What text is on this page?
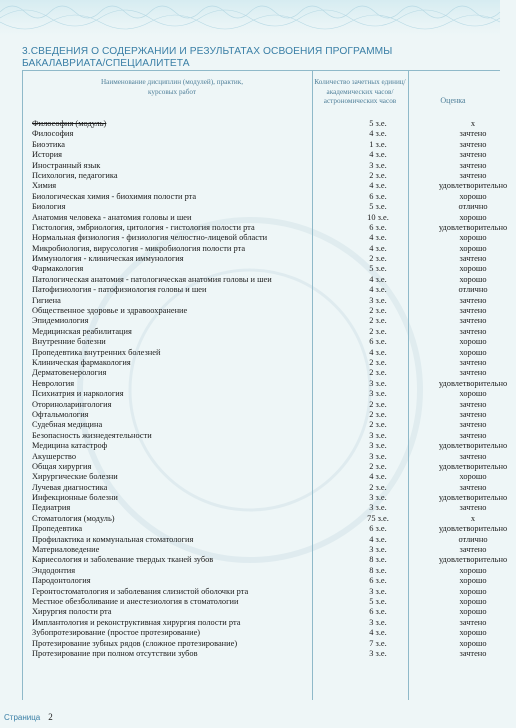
3.СВЕДЕНИЯ О СОДЕРЖАНИИ И РЕЗУЛЬТАТАХ ОСВОЕНИЯ ПРОГРАММЫ БАКАЛАВРИАТА/СПЕЦИАЛИТЕТА
Наименование дисциплин (модулей), практик, курсовых работ
Количество зачетных единиц/академических часов/астрономических часов	Оценка
Философия (модуль)	5 з.е.	x
Философия	4 з.е.	зачтено
Биоэтика	1 з.е.	зачтено
История	4 з.е.	зачтено
Иностранный язык	3 з.е.	зачтено
Психология, педагогика	2 з.е.	зачтено
Химия	4 з.е.	удовлетворительно
Биологическая химия - биохимия полости рта	6 з.е.	хорошо
Биология	5 з.е.	отлично
Анатомия человека - анатомия головы и шеи	10 з.е.	хорошо
Гистология, эмбриология, цитология - гистология полости рта	6 з.е.	удовлетворительно
Нормальная физиология - физиология челюстно-лицевой области	4 з.е.	хорошо
Микробиология, вирусология - микробиология полости рта	4 з.е.	хорошо
Иммунология - клиническая иммунология	2 з.е.	зачтено
Фармакология	5 з.е.	хорошо
Патологическая анатомия - патологическая анатомия головы и шеи	4 з.е.	хорошо
Патофизиология - патофизиология головы и шеи	4 з.е.	отлично
Гигиена	3 з.е.	зачтено
Общественное здоровье и здравоохранение	2 з.е.	зачтено
Эпидемиология	2 з.е.	зачтено
Медицинская реабилитация	2 з.е.	зачтено
Внутренние болезни	6 з.е.	хорошо
Пропедевтика внутренних болезней	4 з.е.	хорошо
Клиническая фармакология	2 з.е.	зачтено
Дерматовенерология	2 з.е.	зачтено
Неврология	3 з.е.	удовлетворительно
Психиатрия и наркология	3 з.е.	хорошо
Оториноларингология	2 з.е.	зачтено
Офтальмология	2 з.е.	зачтено
Судебная медицина	2 з.е.	зачтено
Безопасность жизнедеятельности	3 з.е.	зачтено
Медицина катастроф	3 з.е.	удовлетворительно
Акушерство	3 з.е.	зачтено
Общая хирургия	2 з.е.	удовлетворительно
Хирургические болезни	4 з.е.	хорошо
Лучевая диагностика	2 з.е.	зачтено
Инфекционные болезни	3 з.е.	удовлетворительно
Педиатрия	3 з.е.	зачтено
Стоматология (модуль)	75 з.е.	x
Пропедевтика	6 з.е.	удовлетворительно
Профилактика и коммунальная стоматология	4 з.е.	отлично
Материаловедение	3 з.е.	зачтено
Кариесология и заболевание твердых тканей зубов	8 з.е.	удовлетворительно
Эндодонтия	8 з.е.	хорошо
Пародонтология	6 з.е.	хорошо
Геронтостоматология и заболевания слизистой оболочки рта	3 з.е.	хорошо
Местное обезболивание и анестезиология в стоматологии	5 з.е.	хорошо
Хирургия полости рта	6 з.е.	хорошо
Имплантология и реконструктивная хирургия полости рта	3 з.е.	зачтено
Зубопротезирование (простое протезирование)	4 з.е.	хорошо
Протезирование зубных рядов (сложное протезирование)	7 з.е.	хорошо
Протезирование при полном отсутствии зубов	3 з.е.	зачтено
Страница 2
